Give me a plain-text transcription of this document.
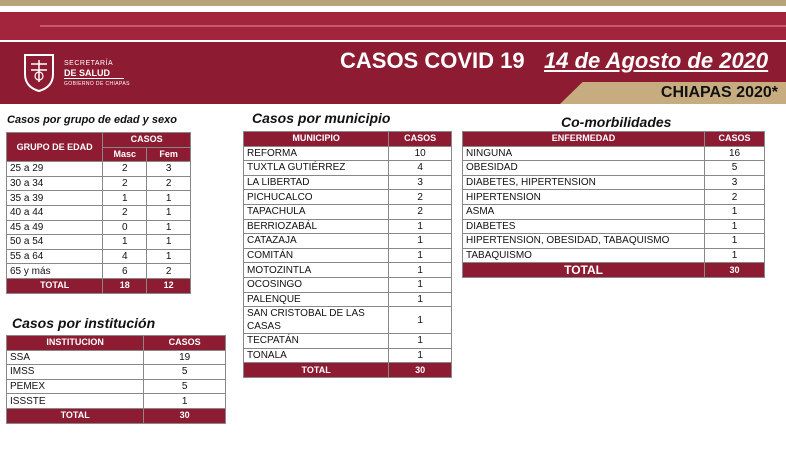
SECRETARÍA
DE SALUD
GOBIERNO DE CHIAPAS
CASOS COVID 19 14 de Agosto de 2020
CHIAPAS 2020*
Casos por grupo de edad y sexo	Casos por municipio	Co-morbilidades
Casos por institución
GRUPO DE EDAD	CASOS	
	Masc	Fem
25 a 29	2	3
30 a 34	2	2
35 a 39	1	1
40 a 44	2	1
45 a 49	0	1
50 a 54	1	1
55 a 64	4	1
65 y más	6	2
TOTAL	18	12
MUNICIPIO	CASOS
REFORMA	10
TUXTLA GUTIÉRREZ	4
LA LIBERTAD	3
PICHUCALCO	2
TAPACHULA	2
BERRIOZABÁL	1
CATAZAJA	1
COMITÁN	1
MOTOZINTLA	1
OCOSINGO	1
PALENQUE	1
SAN CRISTOBAL DE LAS CASAS	1
TECPATÁN	1
TONALA	1
TOTAL	30
ENFERMEDAD	CASOS
NINGUNA	16
OBESIDAD	5
DIABETES, HIPERTENSION	3
HIPERTENSION	2
ASMA	1
DIABETES	1
HIPERTENSION, OBESIDAD, TABAQUISMO	1
TABAQUISMO	1
TOTAL	30
INSTITUCION	CASOS
SSA	19
IMSS	5
PEMEX	5
ISSSTE	1
TOTAL	30
